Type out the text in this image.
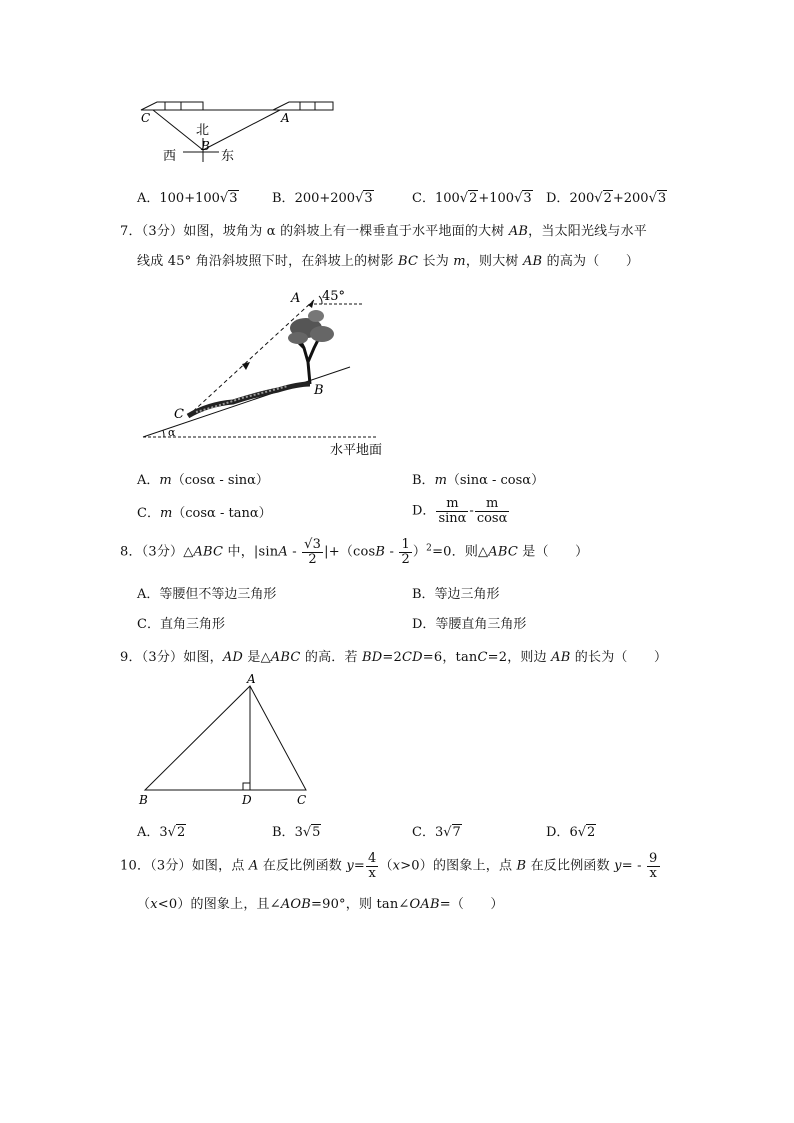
C	A
B
北
西	东
A．100+100√3	B．200+200√3	C．100√2+100√3 D．200√2+200√3
7．（3分）如图，坡角为 α 的斜坡上有一棵垂直于水平地面的大树 AB，当太阳光线与水平
线成 45° 角沿斜坡照下时，在斜坡上的树影 BC 长为 m，则大树 AB 的高为（　　）
A 45°
B
C
α
水平地面
A．m（cosα - sinα）	B．m（sinα - cosα）
C．m（cosα - tanα）	D． $\frac{m}{\sin\alpha} - \frac{m}{\cos\alpha}$
8．（3分）△ABC 中，$|\sin A - \frac{√3}{2} |+(\cos B - \frac{1}{2} )^2=0$．则△ABC 是（　　）
A．等腰但不等边三角形	B．等边三角形
C．直角三角形	D．等腰直角三角形
9．（3分）如图，AD 是△ABC 的高．若 BD=2CD=6，tanC=2，则边 AB 的长为（　　）
A
B	D	C
A．3√2	B．3√5	C．3√7	D．6√2
10．（3分）如图，点 A 在反比例函数 $y= \frac{4}{x} (x>0)$的图象上，点 B 在反比例函数 $y= - \frac{9}{x}$
（x<0）的图象上，且∠AOB=90°，则 tan∠OAB=（　　）
